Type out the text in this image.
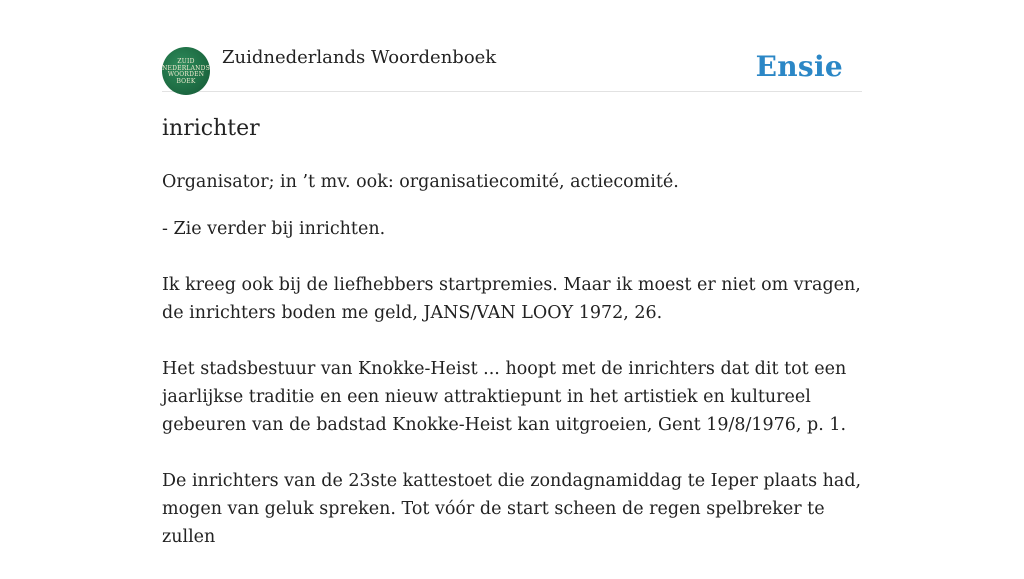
ZUID
NEDERLANDS
WOORDEN
BOEK
Zuidnederlands Woordenboek	Ensie
inrichter

Organisator; in ’t mv. ook: organisatiecomité, actiecomité.

- Zie verder bij inrichten.

Ik kreeg ook bij de liefhebbers startpremies. Maar ik moest er niet om vragen, de inrichters boden me geld, JANS/VAN LOOY 1972, 26.

Het stadsbestuur van Knokke-Heist ... hoopt met de inrichters dat dit tot een jaarlijkse traditie en een nieuw attraktiepunt in het artistiek en kultureel gebeuren van de badstad Knokke-Heist kan uitgroeien, Gent 19/8/1976, p. 1.

De inrichters van de 23ste kattestoet die zondagnamiddag te Ieper plaats had, mogen van geluk spreken. Tot vóór de start scheen de regen spelbreker te zullen
